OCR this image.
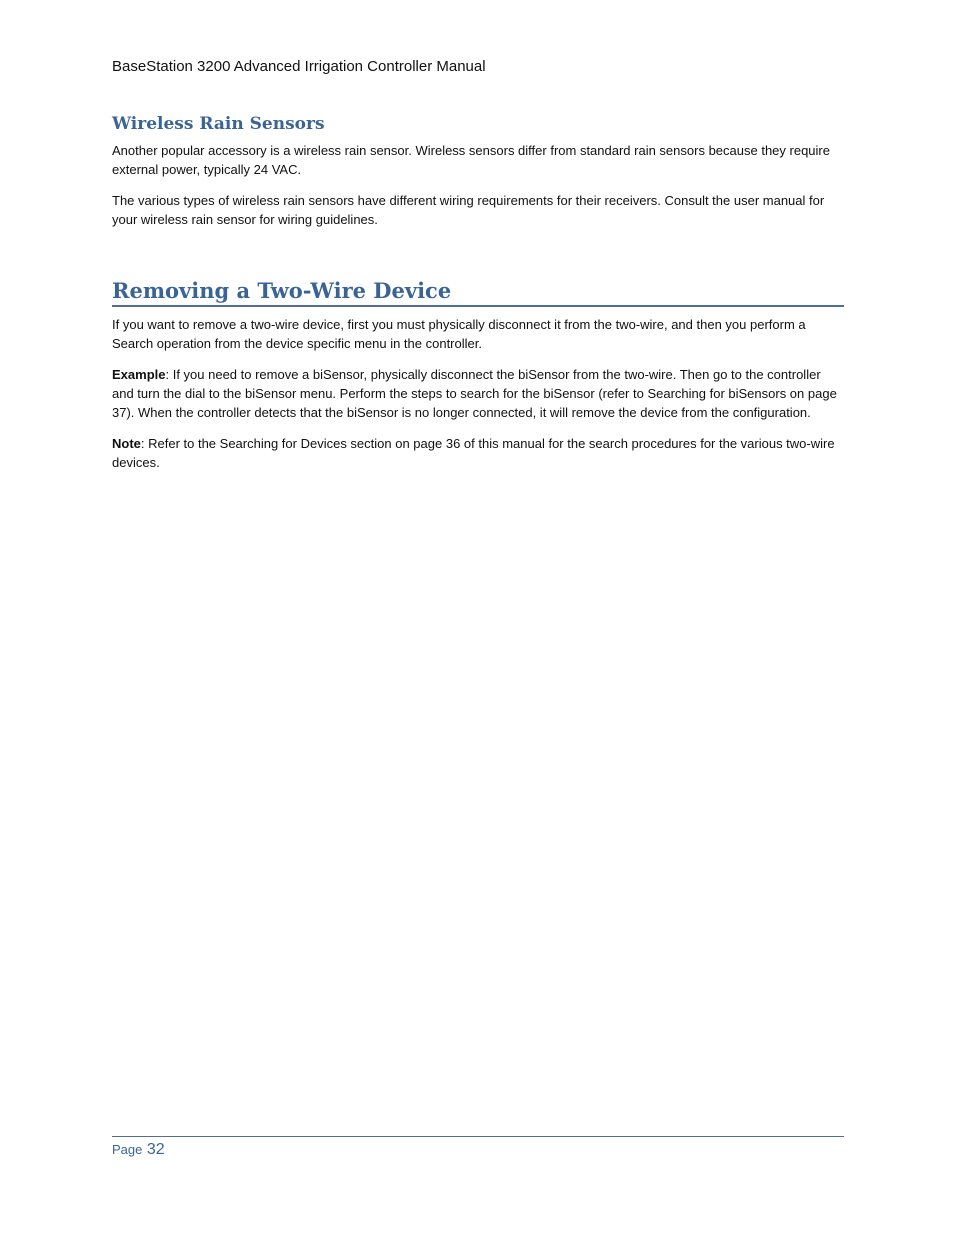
BaseStation 3200 Advanced Irrigation Controller Manual
Wireless Rain Sensors

Another popular accessory is a wireless rain sensor. Wireless sensors differ from standard rain sensors because they require external power, typically 24 VAC.

The various types of wireless rain sensors have different wiring requirements for their receivers. Consult the user manual for your wireless rain sensor for wiring guidelines.

Removing a Two-Wire Device

If you want to remove a two-wire device, first you must physically disconnect it from the two-wire, and then you perform a Search operation from the device specific menu in the controller.

Example: If you need to remove a biSensor, physically disconnect the biSensor from the two-wire. Then go to the controller and turn the dial to the biSensor menu. Perform the steps to search for the biSensor (refer to Searching for biSensors on page 37). When the controller detects that the biSensor is no longer connected, it will remove the device from the configuration.

Note: Refer to the Searching for Devices section on page 36 of this manual for the search procedures for the various two-wire devices.

Page 32
